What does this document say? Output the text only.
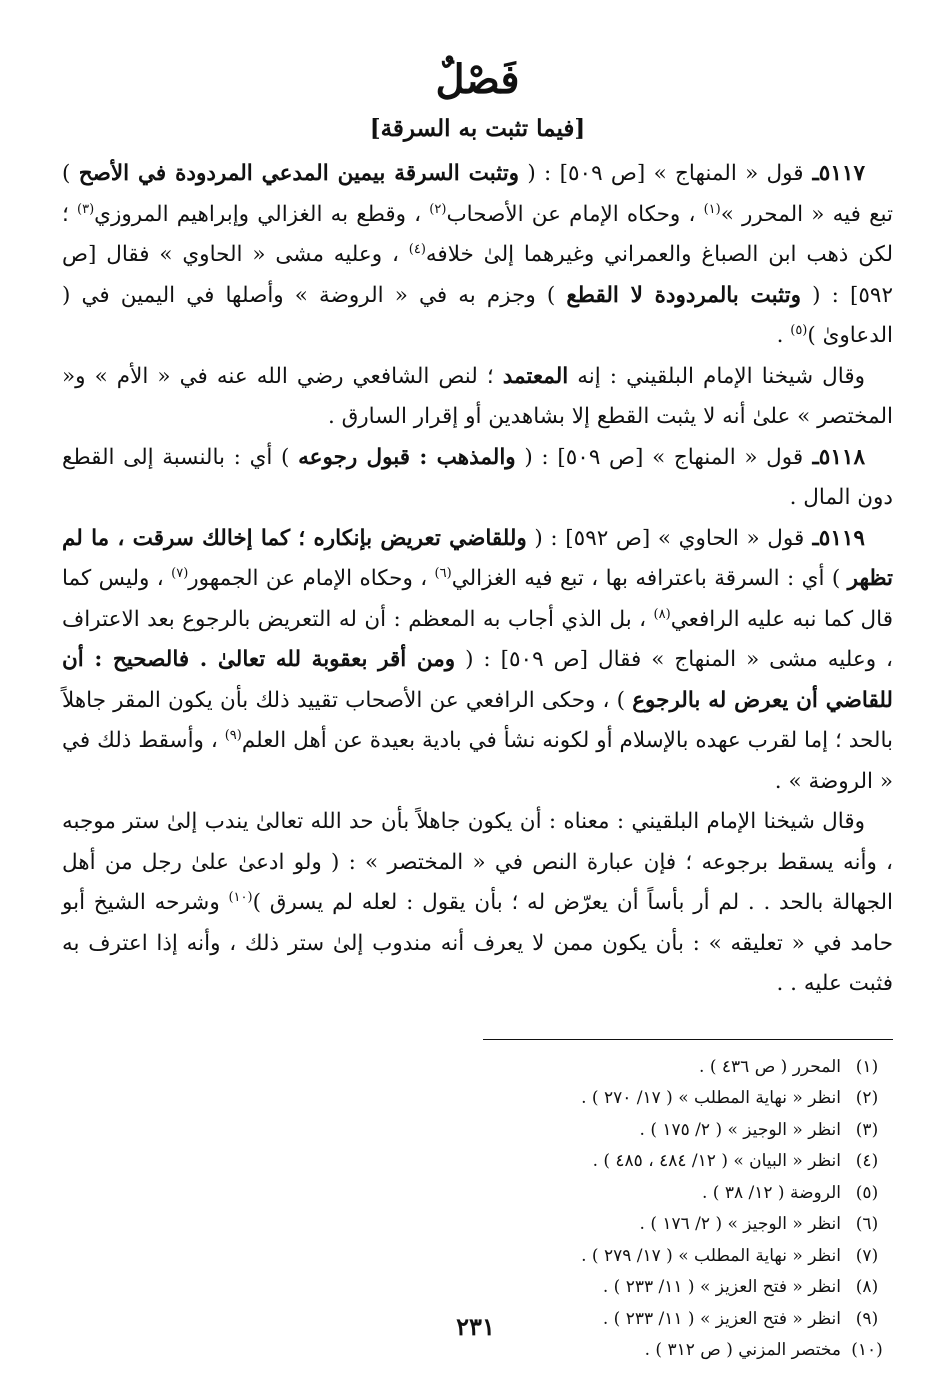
فَصْلٌ
[فيما تثبت به السرقة]

٥١١٧ـ قول « المنهاج » [ص ٥٠٩] : ( وتثبت السرقة بيمين المدعي المردودة في الأصح ) تبع فيه « المحرر »$^{(١)}$ ، وحكاه الإمام عن الأصحاب$^{(٢)}$ ، وقطع به الغزالي وإبراهيم المروزي$^{(٣)}$ ؛ لكن ذهب ابن الصباغ والعمراني وغيرهما إلىٰ خلافه$^{(٤)}$ ، وعليه مشى « الحاوي » فقال [ص ٥٩٢] : ( وتثبت بالمردودة لا القطع ) وجزم به في « الروضة » وأصلها في اليمين في ( الدعاوىٰ )$^{(٥)}$ .

وقال شيخنا الإمام البلقيني : إنه المعتمد ؛ لنص الشافعي رضي الله عنه في « الأم » و« المختصر » علىٰ أنه لا يثبت القطع إلا بشاهدين أو إقرار السارق .

٥١١٨ـ قول « المنهاج » [ص ٥٠٩] : ( والمذهب : قبول رجوعه ) أي : بالنسبة إلى القطع دون المال .

٥١١٩ـ قول « الحاوي » [ص ٥٩٢] : ( وللقاضي تعريض بإنكاره ؛ كما إخالك سرقت ، ما لم تظهر ) أي : السرقة باعترافه بها ، تبع فيه الغزالي$^{(٦)}$ ، وحكاه الإمام عن الجمهور$^{(٧)}$ ، وليس كما قال كما نبه عليه الرافعي$^{(٨)}$ ، بل الذي أجاب به المعظم : أن له التعريض بالرجوع بعد الاعتراف ، وعليه مشى « المنهاج » فقال [ص ٥٠٩] : ( ومن أقر بعقوبة لله تعالىٰ . فالصحيح : أن للقاضي أن يعرض له بالرجوع ) ، وحكى الرافعي عن الأصحاب تقييد ذلك بأن يكون المقر جاهلاً بالحد ؛ إما لقرب عهده بالإسلام أو لكونه نشأ في بادية بعيدة عن أهل العلم$^{(٩)}$ ، وأسقط ذلك في « الروضة » .

وقال شيخنا الإمام البلقيني : معناه : أن يكون جاهلاً بأن حد الله تعالىٰ يندب إلىٰ ستر موجبه ، وأنه يسقط برجوعه ؛ فإن عبارة النص في « المختصر » : ( ولو ادعىٰ علىٰ رجل من أهل الجهالة بالحد . . لم أر بأساً أن يعرّض له ؛ بأن يقول : لعله لم يسرق )$^{(١٠)}$ وشرحه الشيخ أبو حامد في « تعليقه » : بأن يكون ممن لا يعرف أنه مندوب إلىٰ ستر ذلك ، وأنه إذا اعترف به فثبت عليه . .

(١)
المحرر ( ص ٤٣٦ ) .
(٢)
انظر « نهاية المطلب » ( ١٧/ ٢٧٠ ) .
(٣)
انظر « الوجيز » ( ٢/ ١٧٥ ) .
(٤)
انظر « البيان » ( ١٢/ ٤٨٤ ، ٤٨٥ ) .
(٥)
الروضة ( ١٢/ ٣٨ ) .
(٦)
انظر « الوجيز » ( ٢/ ١٧٦ ) .
(٧)
انظر « نهاية المطلب » ( ١٧/ ٢٧٩ ) .
(٨)
انظر « فتح العزيز » ( ١١/ ٢٣٣ ) .
(٩)
انظر « فتح العزيز » ( ١١/ ٢٣٣ ) .
(١٠)
مختصر المزني ( ص ٣١٢ ) .
٢٣١
